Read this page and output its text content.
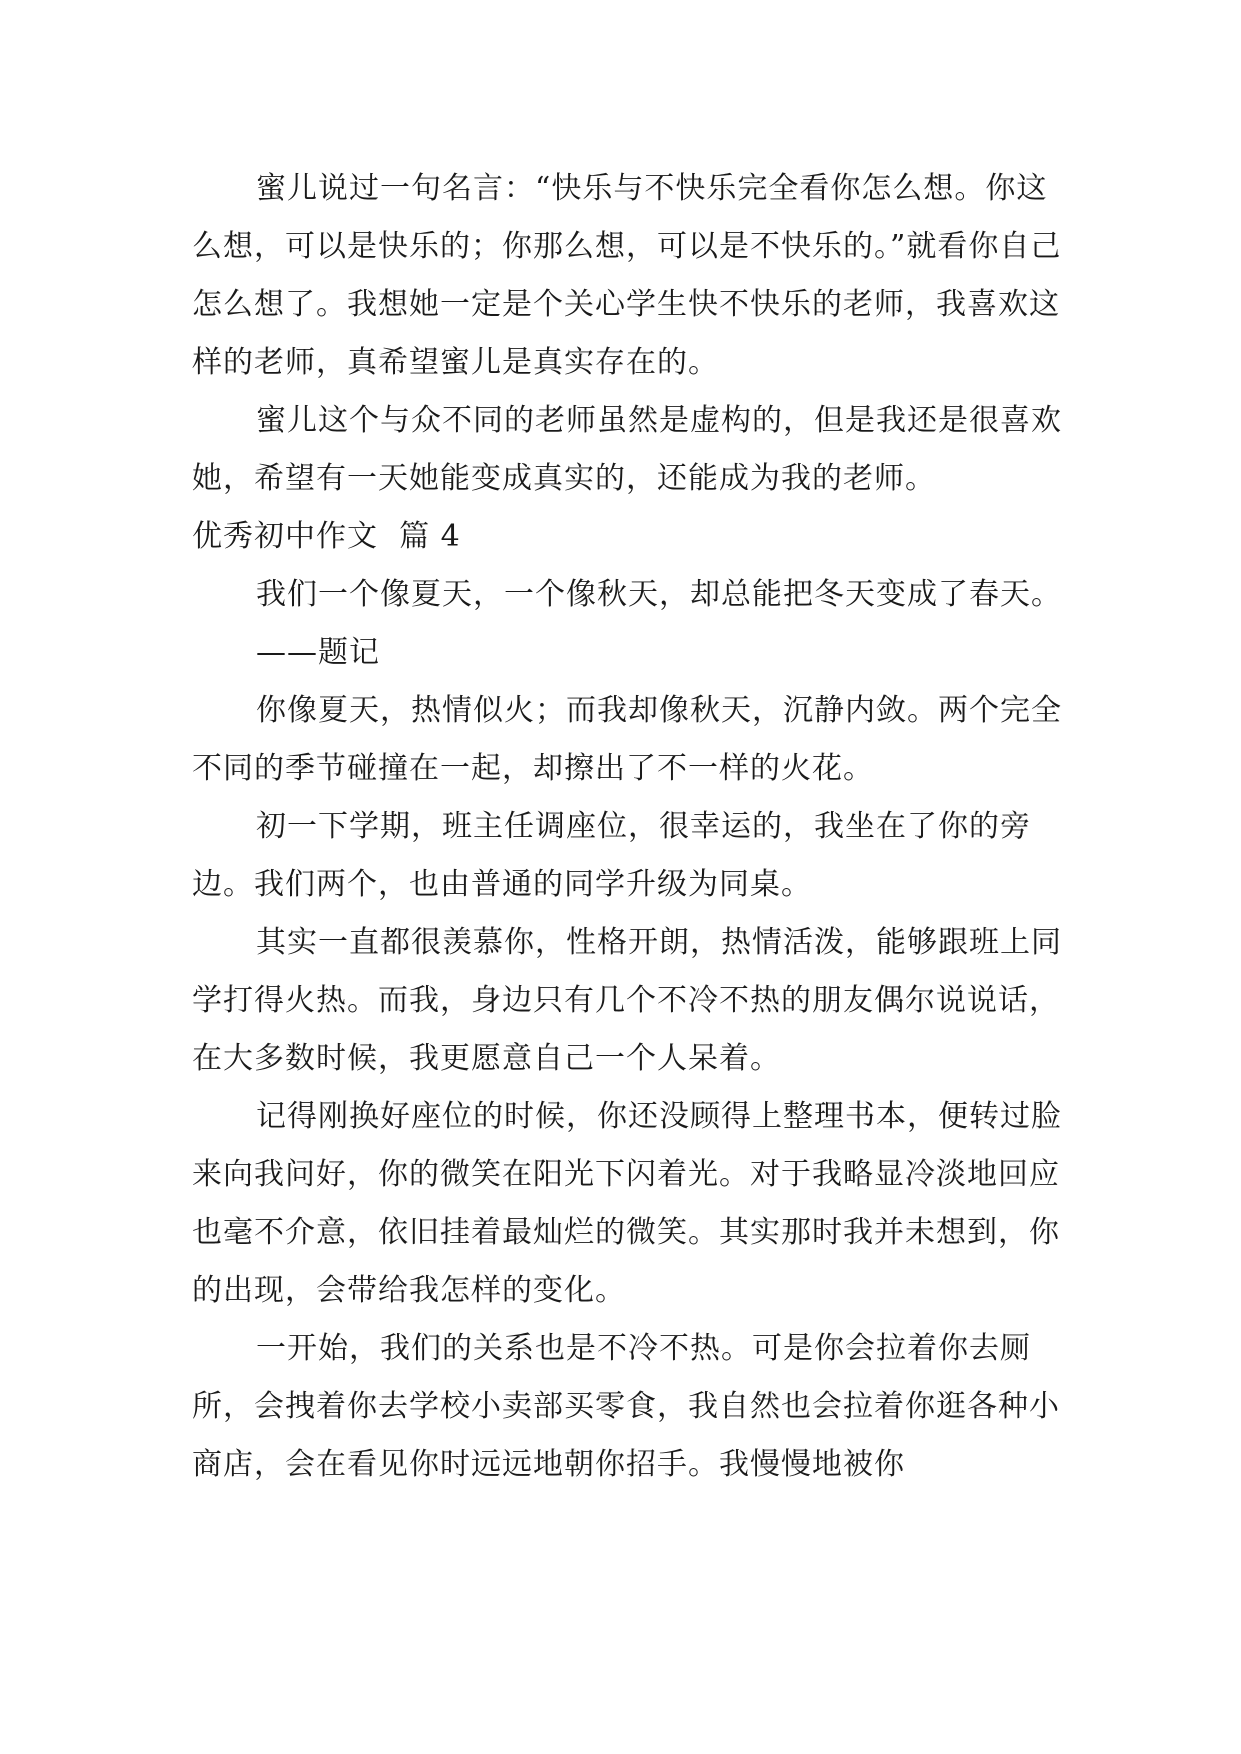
蜜儿说过一句名言：“快乐与不快乐完全看你怎么想。你这么想，可以是快乐的；你那么想，可以是不快乐的。”就看你自己怎么想了。我想她一定是个关心学生快不快乐的老师，我喜欢这样的老师，真希望蜜儿是真实存在的。

蜜儿这个与众不同的老师虽然是虚构的，但是我还是很喜欢她，希望有一天她能变成真实的，还能成为我的老师。

优秀初中作文  篇 4

我们一个像夏天，一个像秋天，却总能把冬天变成了春天。

——题记

你像夏天，热情似火；而我却像秋天，沉静内敛。两个完全不同的季节碰撞在一起，却擦出了不一样的火花。

初一下学期，班主任调座位，很幸运的，我坐在了你的旁边。我们两个，也由普通的同学升级为同桌。

其实一直都很羡慕你，性格开朗，热情活泼，能够跟班上同学打得火热。而我，身边只有几个不冷不热的朋友偶尔说说话，在大多数时候，我更愿意自己一个人呆着。

记得刚换好座位的时候，你还没顾得上整理书本，便转过脸来向我问好，你的微笑在阳光下闪着光。对于我略显冷淡地回应也毫不介意，依旧挂着最灿烂的微笑。其实那时我并未想到，你的出现，会带给我怎样的变化。

一开始，我们的关系也是不冷不热。可是你会拉着你去厕所，会拽着你去学校小卖部买零食，我自然也会拉着你逛各种小商店，会在看见你时远远地朝你招手。我慢慢地被你
